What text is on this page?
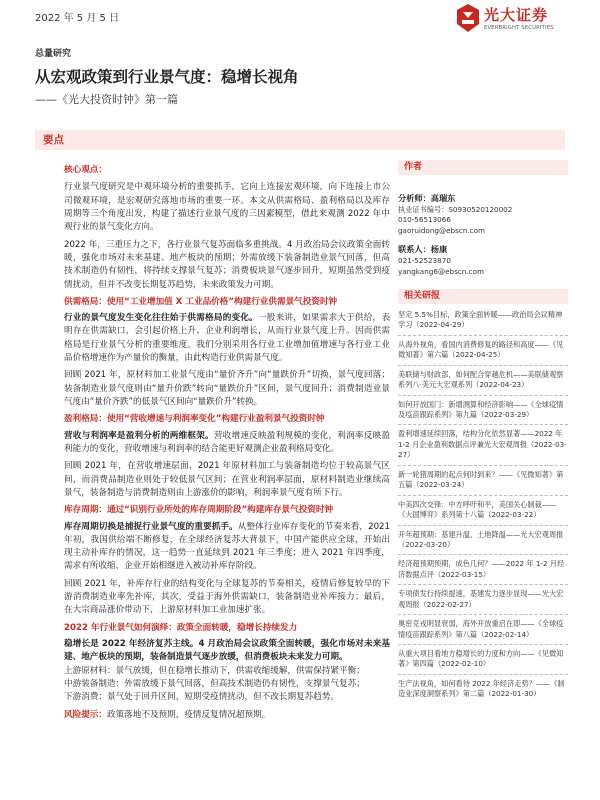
2022 年 5 月 5 日	光大证券
EVERBRIGHT SECURITIES
总量研究
从宏观政策到行业景气度：稳增长视角
——《光大投资时钟》第一篇
要点
核心观点：
行业景气度研究是中观环境分析的重要抓手，它向上连接宏观环境，向下连接上市公司微观环境，是宏观研究落地市场的重要一环。本文从供需格局、盈利格局以及库存周期等三个角度出发，构建了描述行业景气度的三因素模型，借此来观测 2022 年中观行业的景气变化方向。
2022 年，三重压力之下，各行业景气复苏面临多重挑战。4 月政治局会议政策全面转暖，强化市场对未来基建、地产板块的预期；外需放缓下装备制造业景气回落，但高技术制造仍有韧性，将持续支撑景气复苏；消费板块景气逐步回升，短期虽然受到疫情扰动，但并不改变长期复苏趋势，未来政策发力可期。
供需格局：使用“工业增加值 X 工业品价格”构建行业供需景气投资时钟
行业的景气度发生变化往往始于供需格局的变化。一般来讲，如果需求大于供给，表明存在供需缺口，会引起价格上升、企业利润增长，从而行业景气度上升。因而供需格局是行业景气分析的重要维度。我们分别采用各行业工业增加值增速与各行业工业品价格增速作为产量价的衡量，由此构造行业供需景气度。
回顾 2021 年，原材料加工业景气度由“量价齐升”向“量跌价升”切换，景气度回落；装备制造业景气度则由“量升价跌”转向“量跌价升”区间，景气度回升；消费制造业景气度由“量价齐跌”的低景气区间向“量跌价升”转换。
盈利格局：使用“营收增速与利润率变化”构建行业盈利景气投资时钟
营收与利润率是盈利分析的两维框架。营收增速反映盈利规模的变化，利润率反映盈利能力的变化，营收增速与利润率的结合能更好观测企业盈利格局变化。
回顾 2021 年，在营收增速层面，2021 年原材料加工与装备制造均位于较高景气区间，而消费品制造业则处于较低景气区间；在营业利润率层面，原材料制造业继续高景气，装备制造与消费制造则由上游涨价的影响，利润率景气度有所下行。
库存周期：通过“识别行业所处的库存周期阶段”构建库存景气投资时钟
库存周期切换是捕捉行业景气度的重要抓手。从整体行业库存变化的节奏来看，2021 年初，我国供给端不断修复，在全球经济复苏大背景下，中国产能供应全球，开始出现主动补库存的情况，这一趋势一直延续到 2021 年三季度；进入 2021 年四季度，需求有所收缩，企业开始相继进入被动补库存阶段。
回顾 2021 年，补库存行业的结构变化与全球复苏的节奏相关，疫情后修复较早的下游消费制造业率先补库，其次，受益于海外供需缺口，装备制造业补库接力；最后，在大宗商品涨价带动下，上游原材料加工业加速扩张。
2022 年行业景气如何演绎：政策全面转暖，稳增长持续发力
稳增长是 2022 年经济复苏主线。4 月政治局会议政策全面转暖，强化市场对未来基建、地产板块的预期，装备制造景气逐步放缓，但消费板块未来发力可期。
上游原材料：景气放缓，但在稳增长推动下，供需收缩缓解，供需保持紧平衡；
中游装备制造：外需放缓下景气回落，但高技术制造仍有韧性，支撑景气复苏；
下游消费：景气处于回升区间，短期受疫情扰动，但不改长期复苏趋势。
风险提示：政策落地不及预期，疫情反复情况超预期。
作者
分析师：高瑞东
执业证书编号：S0930520120002
010-56513066
gaoruidong@ebscn.com
联系人：杨康
021-52523870
yangkang6@ebscn.com
相关研报
坚定 5.5%目标，政策全面转暖——政治局会议精神学习（2022-04-29）
从海外视角，看国内消费修复的路径和高度——《见微知著》第六篇（2022-04-25）
美联储与财政部，如何配合穿越危机——美联储观察系列八·美元大宏观系列（2022-04-23）
如何开放国门：新增测算和经济影响——《全球疫情及疫苗跟踪系列》第九篇（2022-03-29）
盈利增速延续回落，结构分化依然显著——2022 年 1-2 月企业盈利数据点评兼光大宏观周报（2022-03-27）
新一轮猪周期的起点何时到来？——《见微知著》第五篇（2022-03-24）
中美四次交锋：中方呼吁和平，美国关心制裁——《大国博弈》系列第十八篇（2022-03-22）
开年超预期：基建升温、土地降温——光大宏观周报（2022-03-20）
经济超预期预期，成色几何？——2022 年 1-2 月经济数据点评（2022-03-15）
专项债发行持续提速，基建发力逐步显现——光大宏观周报（2022-02-27）
奥密克戎明显衰弱，海外开放重启在即——《全球疫情疫苗跟踪系列》第八篇（2022-02-14）
从重大项目看地方稳增长的力度和方向——《见微知著》第四篇（2022-02-10）
生产法视角，如何看待 2022 年经济走势？——《制造业深度洞察系列》第二篇（2022-01-30）
